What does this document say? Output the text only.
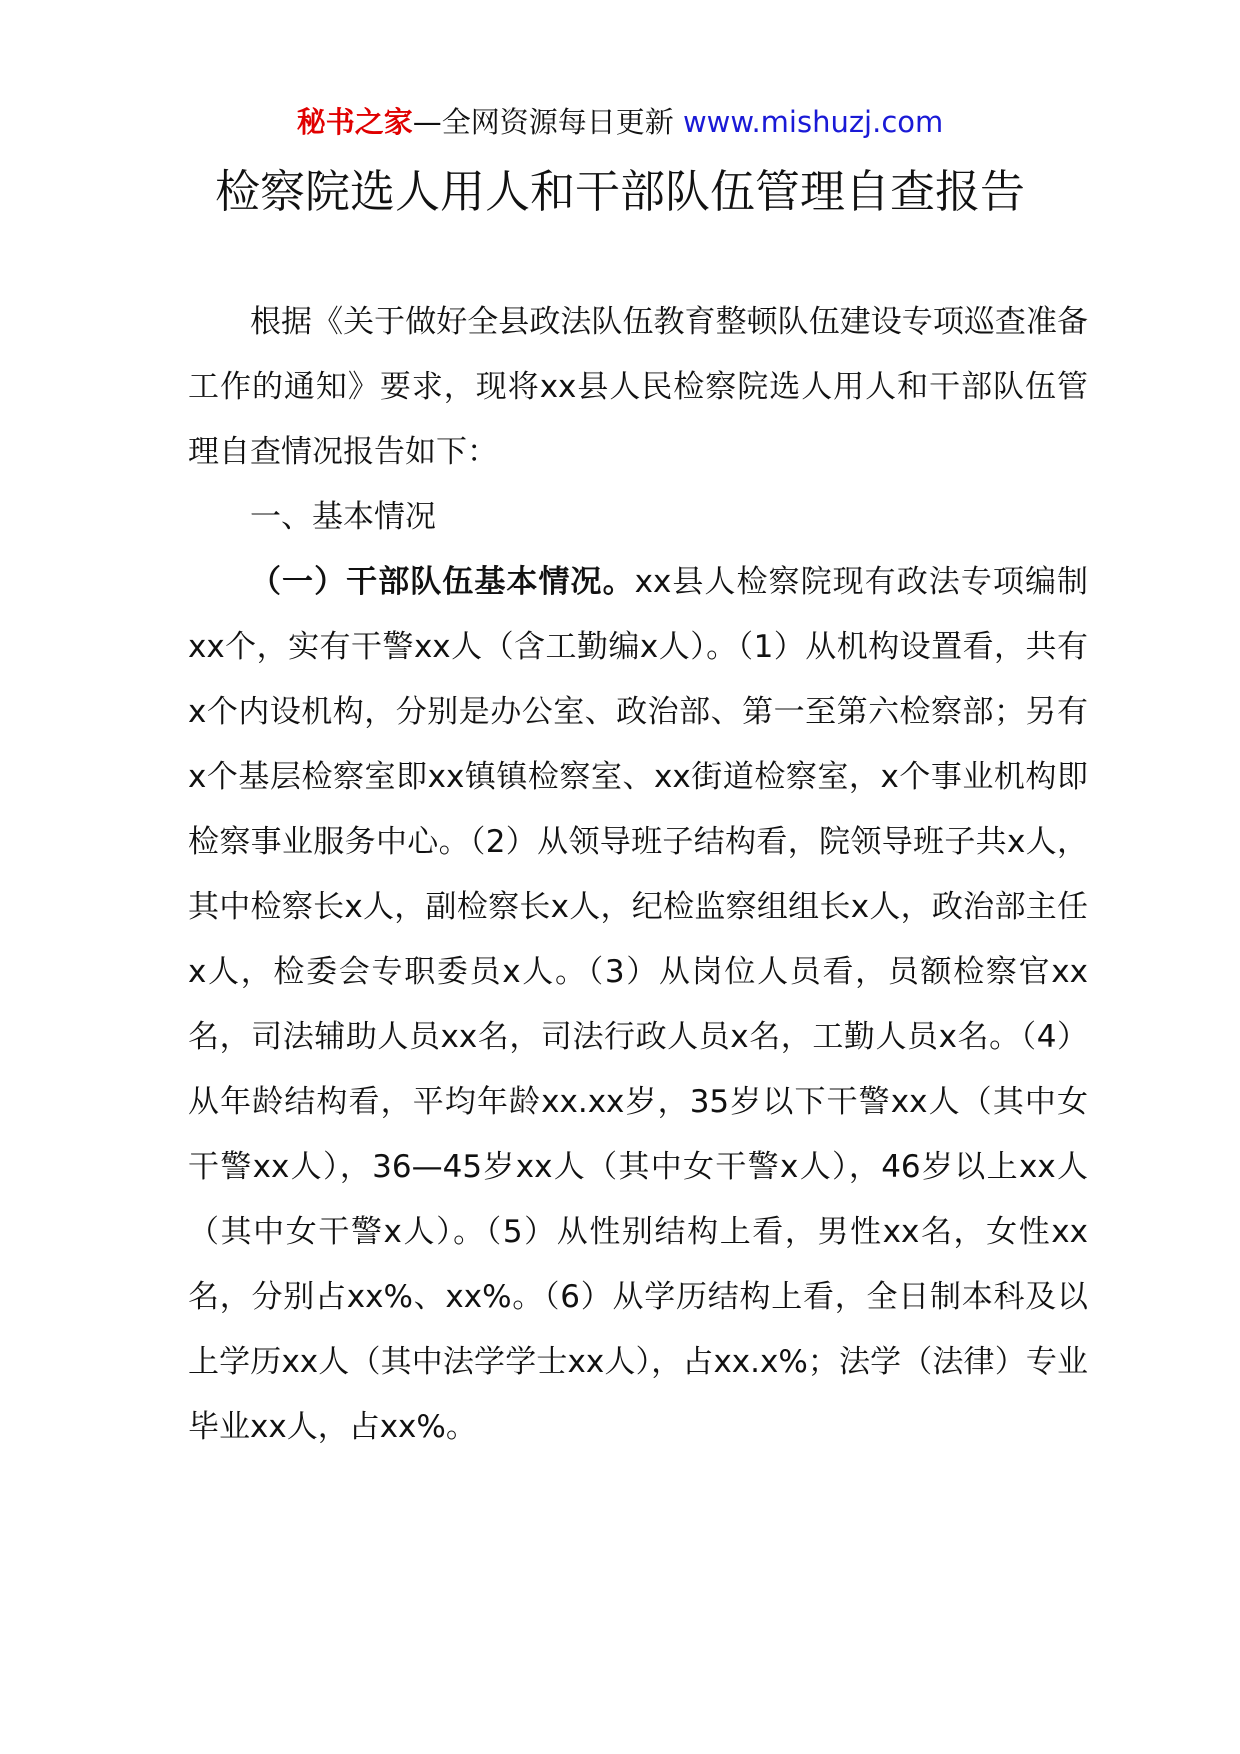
秘书之家—全网资源每日更新 www.mishuzj.com
检察院选人用人和干部队伍管理自查报告

根据《关于做好全县政法队伍教育整顿队伍建设专项巡查准备工作的通知》要求，现将xx县人民检察院选人用人和干部队伍管理自查情况报告如下：

一、基本情况

（一）干部队伍基本情况。xx县人检察院现有政法专项编制xx个，实有干警xx人（含工勤编x人）。（1）从机构设置看，共有x个内设机构，分别是办公室、政治部、第一至第六检察部；另有x个基层检察室即xx镇镇检察室、xx街道检察室，x个事业机构即检察事业服务中心。（2）从领导班子结构看，院领导班子共x人，其中检察长x人，副检察长x人，纪检监察组组长x人，政治部主任x人，检委会专职委员x人。（3）从岗位人员看，员额检察官xx名，司法辅助人员xx名，司法行政人员x名，工勤人员x名。（4）从年龄结构看，平均年龄xx.xx岁，35岁以下干警xx人（其中女干警xx人），36—45岁xx人（其中女干警x人），46岁以上xx人（其中女干警x人）。（5）从性别结构上看，男性xx名，女性xx名，分别占xx%、xx%。（6）从学历结构上看，全日制本科及以上学历xx人（其中法学学士xx人），占xx.x%；法学（法律）专业毕业xx人，占xx%。
